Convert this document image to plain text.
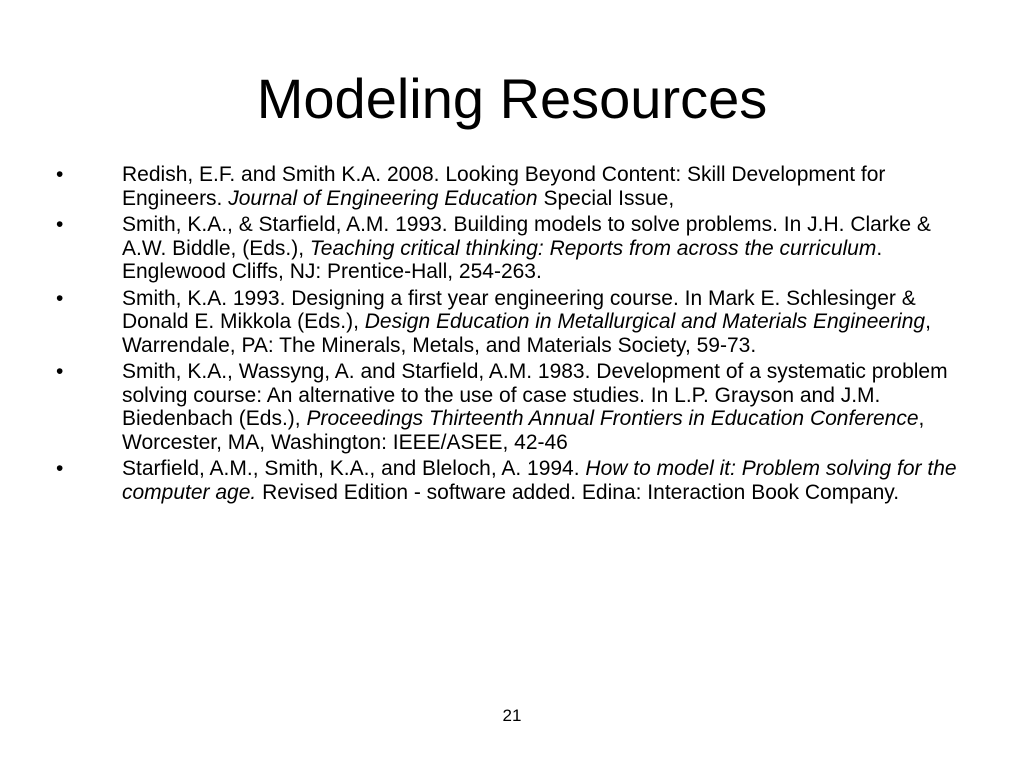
Modeling Resources
•	Redish, E.F. and Smith K.A. 2008. Looking Beyond Content: Skill Development for Engineers. Journal of Engineering Education Special Issue,
•	Smith, K.A., & Starfield, A.M. 1993. Building models to solve problems. In J.H. Clarke & A.W. Biddle, (Eds.), Teaching critical thinking: Reports from across the curriculum. Englewood Cliffs, NJ: Prentice-Hall, 254-263.
•	Smith, K.A. 1993. Designing a first year engineering course. In Mark E. Schlesinger & Donald E. Mikkola (Eds.), Design Education in Metallurgical and Materials Engineering, Warrendale, PA: The Minerals, Metals, and Materials Society, 59-73.
•	Smith, K.A., Wassyng, A. and Starfield, A.M. 1983. Development of a systematic problem solving course: An alternative to the use of case studies. In L.P. Grayson and J.M. Biedenbach (Eds.), Proceedings Thirteenth Annual Frontiers in Education Conference, Worcester, MA, Washington: IEEE/ASEE, 42-46
•	Starfield, A.M., Smith, K.A., and Bleloch, A. 1994. How to model it: Problem solving for the computer age. Revised Edition - software added. Edina: Interaction Book Company.
21
